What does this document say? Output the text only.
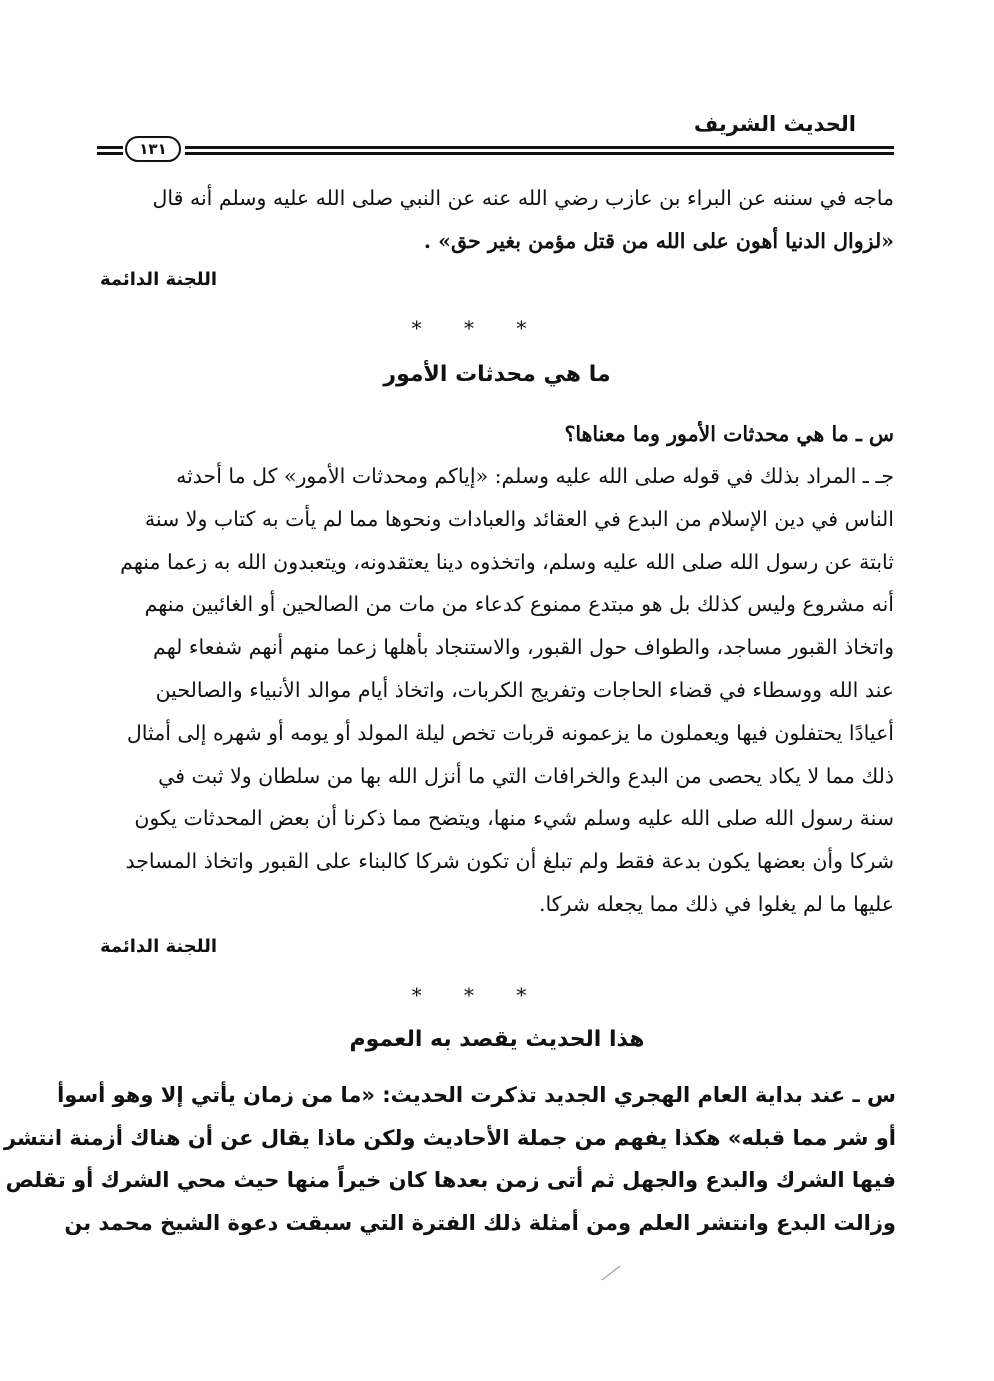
الحديث الشريف
١٣١
ماجه في سننه عن البراء بن عازب رضي الله عنه عن النبي صلى الله عليه وسلم أنه قال
«لزوال الدنيا أهون على الله من قتل مؤمن بغير حق» .
اللجنة الدائمة
* * *
ما هي محدثات الأمور
س ـ ما هي محدثات الأمور وما معناها؟
جـ ـ المراد بذلك في قوله صلى الله عليه وسلم: «إياكم ومحدثات الأمور» كل ما أحدثه
الناس في دين الإسلام من البدع في العقائد والعبادات ونحوها مما لم يأت به كتاب ولا سنة
ثابتة عن رسول الله صلى الله عليه وسلم، واتخذوه دينا يعتقدونه، ويتعبدون الله به زعما منهم
أنه مشروع وليس كذلك بل هو مبتدع ممنوع كدعاء من مات من الصالحين أو الغائبين منهم
واتخاذ القبور مساجد، والطواف حول القبور، والاستنجاد بأهلها زعما منهم أنهم شفعاء لهم
عند الله ووسطاء في قضاء الحاجات وتفريج الكربات، واتخاذ أيام موالد الأنبياء والصالحين
أعيادًا يحتفلون فيها ويعملون ما يزعمونه قربات تخص ليلة المولد أو يومه أو شهره إلى أمثال
ذلك مما لا يكاد يحصى من البدع والخرافات التي ما أنزل الله بها من سلطان ولا ثبت في
سنة رسول الله صلى الله عليه وسلم شيء منها، ويتضح مما ذكرنا أن بعض المحدثات يكون
شركا وأن بعضها يكون بدعة فقط ولم تبلغ أن تكون شركا كالبناء على القبور واتخاذ المساجد
عليها ما لم يغلوا في ذلك مما يجعله شركا.
اللجنة الدائمة
* * *
هذا الحديث يقصد به العموم
س ـ عند بداية العام الهجري الجديد تذكرت الحديث: «ما من زمان يأتي إلا وهو أسوأ
أو شر مما قبله» هكذا يفهم من جملة الأحاديث ولكن ماذا يقال عن أن هناك أزمنة انتشر
فيها الشرك والبدع والجهل ثم أتى زمن بعدها كان خيراً منها حيث محي الشرك أو تقلص
وزالت البدع وانتشر العلم ومن أمثلة ذلك الفترة التي سبقت دعوة الشيخ محمد بن
